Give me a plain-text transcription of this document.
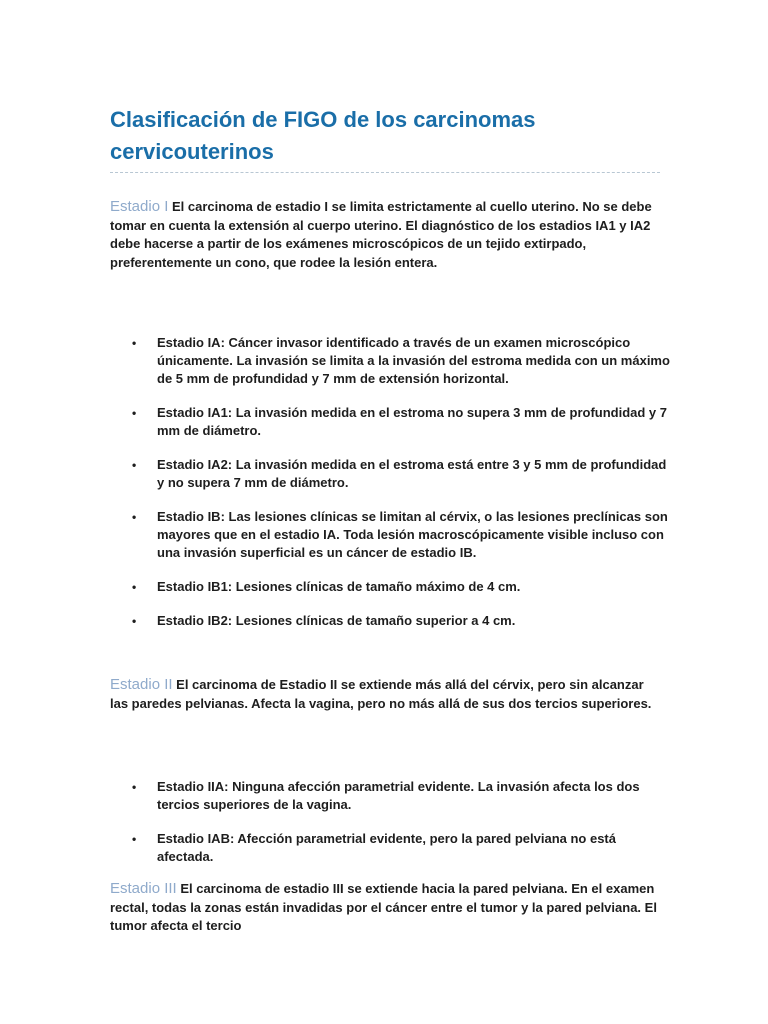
Clasificación de FIGO de los carcinomas cervicouterinos

Estadio I El carcinoma de estadio I se limita estrictamente al cuello uterino. No se debe tomar en cuenta la extensión al cuerpo uterino. El diagnóstico de los estadios IA1 y IA2 debe hacerse a partir de los exámenes microscópicos de un tejido extirpado, preferentemente un cono, que rodee la lesión entera.

• Estadio IA: Cáncer invasor identificado a través de un examen microscópico únicamente. La invasión se limita a la invasión del estroma medida con un máximo de 5 mm de profundidad y 7 mm de extensión horizontal.
• Estadio IA1: La invasión medida en el estroma no supera 3 mm de profundidad y 7 mm de diámetro.
• Estadio IA2: La invasión medida en el estroma está entre 3 y 5 mm de profundidad y no supera 7 mm de diámetro.
• Estadio IB: Las lesiones clínicas se limitan al cérvix, o las lesiones preclínicas son mayores que en el estadio IA. Toda lesión macroscópicamente visible incluso con una invasión superficial es un cáncer de estadio IB.
• Estadio IB1: Lesiones clínicas de tamaño máximo de 4 cm.
• Estadio IB2: Lesiones clínicas de tamaño superior a 4 cm.

Estadio II El carcinoma de Estadio II se extiende más allá del cérvix, pero sin alcanzar las paredes pelvianas. Afecta la vagina, pero no más allá de sus dos tercios superiores.

• Estadio IIA: Ninguna afección parametrial evidente. La invasión afecta los dos tercios superiores de la vagina.
• Estadio IAB: Afección parametrial evidente, pero la pared pelviana no está afectada.

Estadio III El carcinoma de estadio III se extiende hacia la pared pelviana. En el examen rectal, todas la zonas están invadidas por el cáncer entre el tumor y la pared pelviana. El tumor afecta el tercio
